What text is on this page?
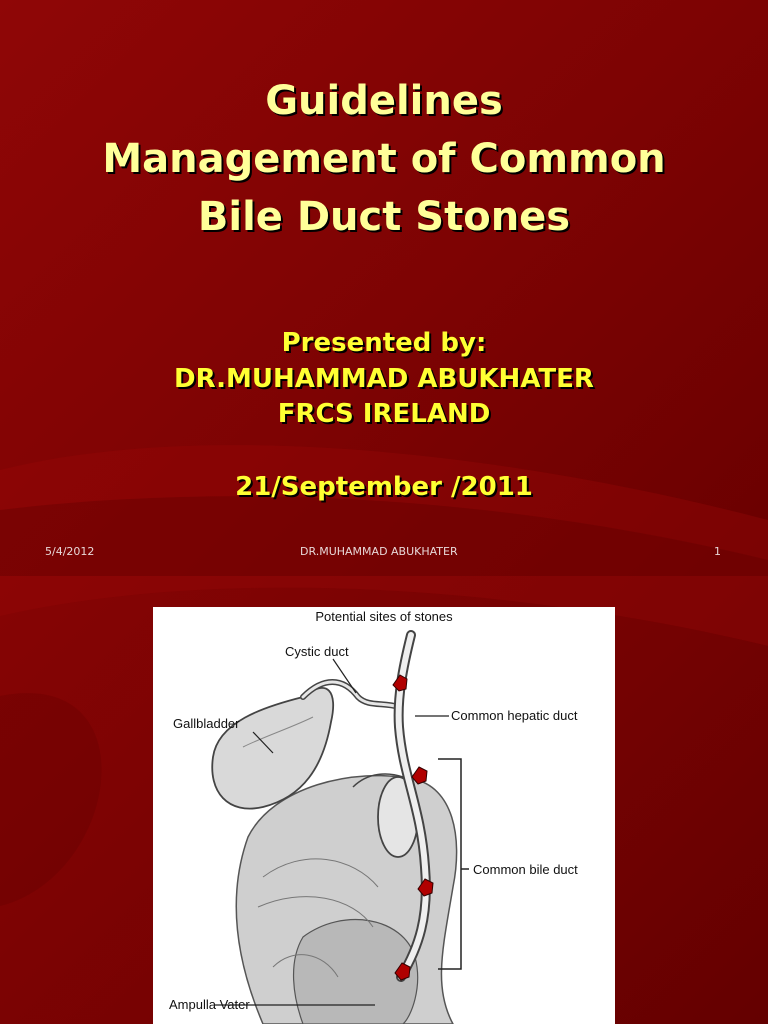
Guidelines
Management of Common
Bile Duct Stones
Presented by:
DR.MUHAMMAD ABUKHATER
FRCS IRELAND
21/September /2011
5/4/2012	DR.MUHAMMAD ABUKHATER	1
Potential sites of stones
Cystic duct
Gallbladder
Common hepatic duct
Common bile duct
Ampulla Vater
